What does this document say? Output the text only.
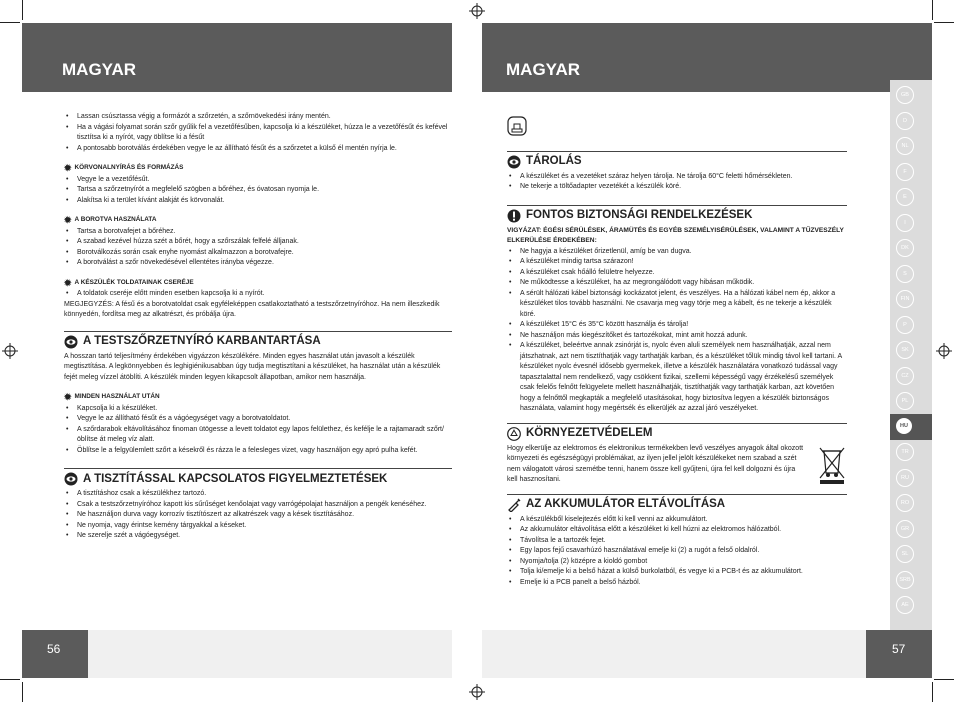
MAGYAR	MAGYAR
• Lassan csúsztassa végig a formázót a szőrzetén, a szőrnövekedési irány mentén.
• Ha a vágási folyamat során szőr gyűlik fel a vezetőfésűben, kapcsolja ki a készüléket, húzza le a vezetőfésűt és kefével tisztítsa ki a nyírót, vagy öblítse ki a fésűt
• A pontosabb borotválás érdekében vegye le az állítható fésűt és a szőrzetet a külső él mentén nyírja le.
✹ KÖRVONALNYÍRÁS ÉS FORMÁZÁS
• Vegye le a vezetőfésűt.
• Tartsa a szőrzetnyírót a megfelelő szögben a bőréhez, és óvatosan nyomja le.
• Alakítsa ki a terület kívánt alakját és körvonalát.
✹ A BOROTVA HASZNÁLATA
• Tartsa a borotvafejet a bőréhez.
• A szabad kezével húzza szét a bőrét, hogy a szőrszálak felfelé álljanak.
• Borotválkozás során csak enyhe nyomást alkalmazzon a borotvafejre.
• A borotválást a szőr növekedésével ellentétes irányba végezze.
✹ A KÉSZÜLÉK TOLDATAINAK CSERÉJE
• A toldatok cseréje előtt minden esetben kapcsolja ki a nyírót.

MEGJEGYZÉS: A fésű és a borotvatoldat csak egyféleképpen csatlakoztatható a testszőrzetnyíróhoz. Ha nem illeszkedik könnyedén, fordítsa meg az alkatrészt, és próbálja újra.

A TESTSZŐRZETNYÍRÓ KARBANTARTÁSA

A hosszan tartó teljesítmény érdekében vigyázzon készülékére. Minden egyes használat után javasolt a készülék megtisztítása. A legkönnyebben és leghigiénikusabban úgy tudja megtisztítani a készüléket, ha használat után a készülék fejét meleg vízzel átöblíti. A készülék minden legyen kikapcsolt állapotban, amikor nem használja.

✹ MINDEN HASZNÁLAT UTÁN
• Kapcsolja ki a készüléket.
• Vegye le az állítható fésűt és a vágóegységet vagy a borotvatoldatot.
• A szőrdarabok eltávolításához finoman ütögesse a levett toldatot egy lapos felülethez, és kefélje le a rajtamaradt szőrt/öblítse át meleg víz alatt.
• Öblítse le a felgyülemlett szőrt a késekről és rázza le a felesleges vizet, vagy használjon egy apró pulha kefét.
A TISZTÍTÁSSAL KAPCSOLATOS FIGYELMEZTETÉSEK
• A tisztításhoz csak a készülékhez tartozó.
• Csak a testszőrzetnyíróhoz kapott kis sűrűséget kenőolajat vagy varrógépolajat használjon a pengék kenéséhez.
• Ne használjon durva vagy korrozív tisztítószert az alkatrészek vagy a kések tisztításához.
• Ne nyomja, vagy érintse kemény tárgyakkal a késeket.
• Ne szerelje szét a vágóegységet.
TÁROLÁS
• A készüléket és a vezetéket száraz helyen tárolja. Ne tárolja 60°C feletti hőmérsékleten.
• Ne tekerje a töltőadapter vezetékét a készülék köré.
FONTOS BIZTONSÁGI RENDELKEZÉSEK

VIGYÁZAT: ÉGÉSI SÉRÜLÉSEK, ÁRAMÜTÉS ÉS EGYÉB SZEMÉLYISÉRÜLÉSEK, VALAMINT A TŰZVESZÉLY ELKERÜLÉSE ÉRDEKÉBEN:

• Ne hagyja a készüléket őrizetlenül, amíg be van dugva.
• A készüléket mindig tartsa szárazon!
• A készüléket csak hőálló felületre helyezze.
• Ne működtesse a készüléket, ha az megrongálódott vagy hibásan működik.
• A sérült hálózati kábel biztonsági kockázatot jelent, és veszélyes. Ha a hálózati kábel nem ép, akkor a készüléket tilos tovább használni. Ne csavarja meg vagy törje meg a kábelt, és ne tekerje a készülék köré.
• A készüléket 15°C és 35°C között használja és tárolja!
• Ne használjon más kiegészítőket és tartozékokat, mint amit hozzá adunk.
• A készüléket, beleértve annak zsinórját is, nyolc éven aluli személyek nem használhatják, azzal nem játszhatnak, azt nem tisztíthatják vagy tarthatják karban, és a készüléket tőlük mindig távol kell tartani. A készüléket nyolc évesnél idősebb gyermekek, illetve a készülék használatára vonatkozó tudással vagy tapasztalattal nem rendelkező, vagy csökkent fizikai, szellemi képességű vagy érzékelésű személyek csak felelős felnőtt felügyelete mellett használhatják, tisztíthatják vagy tarthatják karban, azt követően hogy a felnőttől megkapták a megfelelő utasításokat, hogy biztosítva legyen a készülék biztonságos használata, valamint hogy megértsék és elkerüljék az azzal járó veszélyeket.
KÖRNYEZETVÉDELEM

Hogy elkerülje az elektromos és elektronikus termékekben levő veszélyes anyagok által okozott környezeti és egészségügyi problémákat, az ilyen jellel jelölt készülékeket nem szabad a szét nem válogatott városi szemétbe tenni, hanem össze kell gyűjteni, újra fel kell dolgozni és újra kell hasznosítani.

AZ AKKUMULÁTOR ELTÁVOLÍTÁSA
• A készülékből kiselejtezés előtt ki kell venni az akkumulátort.
• Az akkumulátor eltávolítása előtt a készüléket ki kell húzni az elektromos hálózatból.
• Távolítsa le a tartozék fejet.
• Egy lapos fejű csavarhúzó használatával emelje ki (2) a rugót a felső oldalról.
• Nyomja/tolja (2) középre a kioldó gombot
• Tolja ki/emelje ki a belső házat a külső burkolatból, és vegye ki a PCB-t és az akkumulátort.
• Emelje ki a PCB panelt a belső házból.
GB
D
NL
F
E
I
DK
S
FIN
P
SK
CZ
PL
HU
TR
RU
RO
GR
SL
SRB
AE
56	57
